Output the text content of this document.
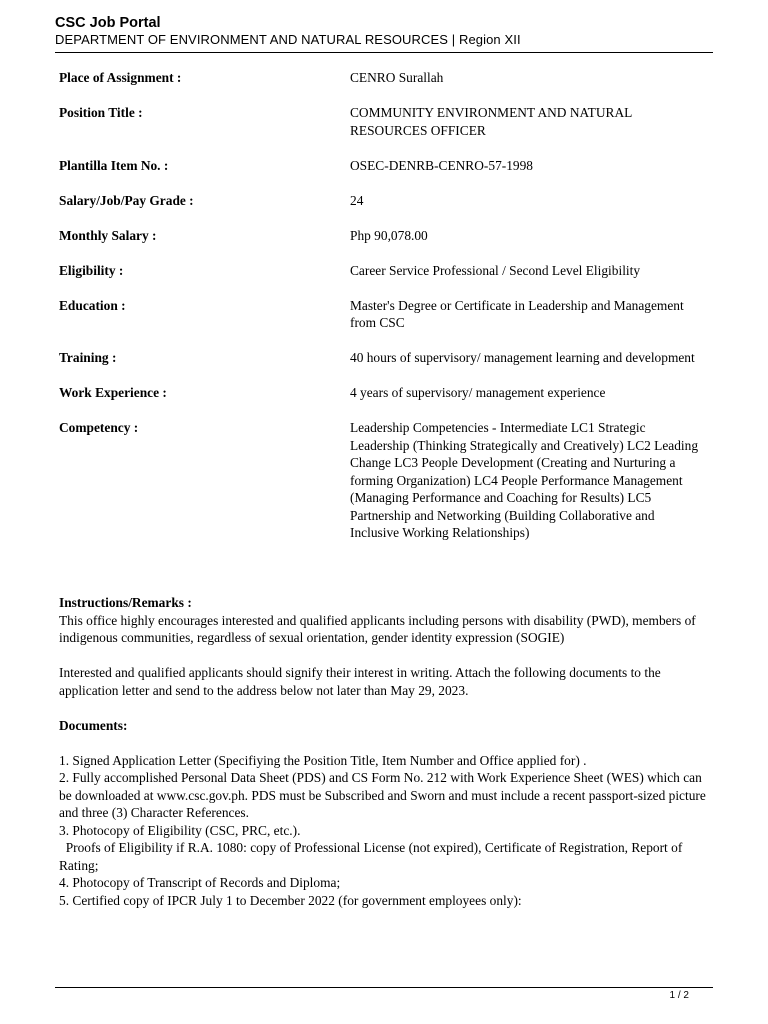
CSC Job Portal
DEPARTMENT OF ENVIRONMENT AND NATURAL RESOURCES | Region XII
Place of Assignment :	CENRO Surallah
Position Title :	COMMUNITY ENVIRONMENT AND NATURAL RESOURCES OFFICER
Plantilla Item No. :	OSEC-DENRB-CENRO-57-1998
Salary/Job/Pay Grade :	24
Monthly Salary :	Php 90,078.00
Eligibility :	Career Service Professional / Second Level Eligibility
Education :	Master's Degree or Certificate in Leadership and Management from CSC
Training :	40 hours of supervisory/ management learning and development
Work Experience :	4 years of supervisory/ management experience
Competency :	Leadership Competencies - Intermediate LC1 Strategic Leadership (Thinking Strategically and Creatively) LC2 Leading Change LC3 People Development (Creating and Nurturing a forming Organization) LC4 People Performance Management (Managing Performance and Coaching for Results) LC5 Partnership and Networking (Building Collaborative and Inclusive Working Relationships)

Instructions/Remarks :

This office highly encourages interested and qualified applicants including persons with disability (PWD), members of indigenous communities, regardless of sexual orientation, gender identity expression (SOGIE)

Interested and qualified applicants should signify their interest in writing. Attach the following documents to the application letter and send to the address below not later than May 29, 2023.

Documents:

1. Signed Application Letter (Specifiying the Position Title, Item Number and Office applied for) .

2. Fully accomplished Personal Data Sheet (PDS) and CS Form No. 212 with Work Experience Sheet (WES) which can be downloaded at www.csc.gov.ph. PDS must be Subscribed and Sworn and must include a recent passport-sized picture and three (3) Character References.

3. Photocopy of Eligibility (CSC, PRC, etc.).

Proofs of Eligibility if R.A. 1080: copy of Professional License (not expired), Certificate of Registration, Report of Rating;

4. Photocopy of Transcript of Records and Diploma;

5. Certified copy of IPCR July 1 to December 2022 (for government employees only):

1 / 2
